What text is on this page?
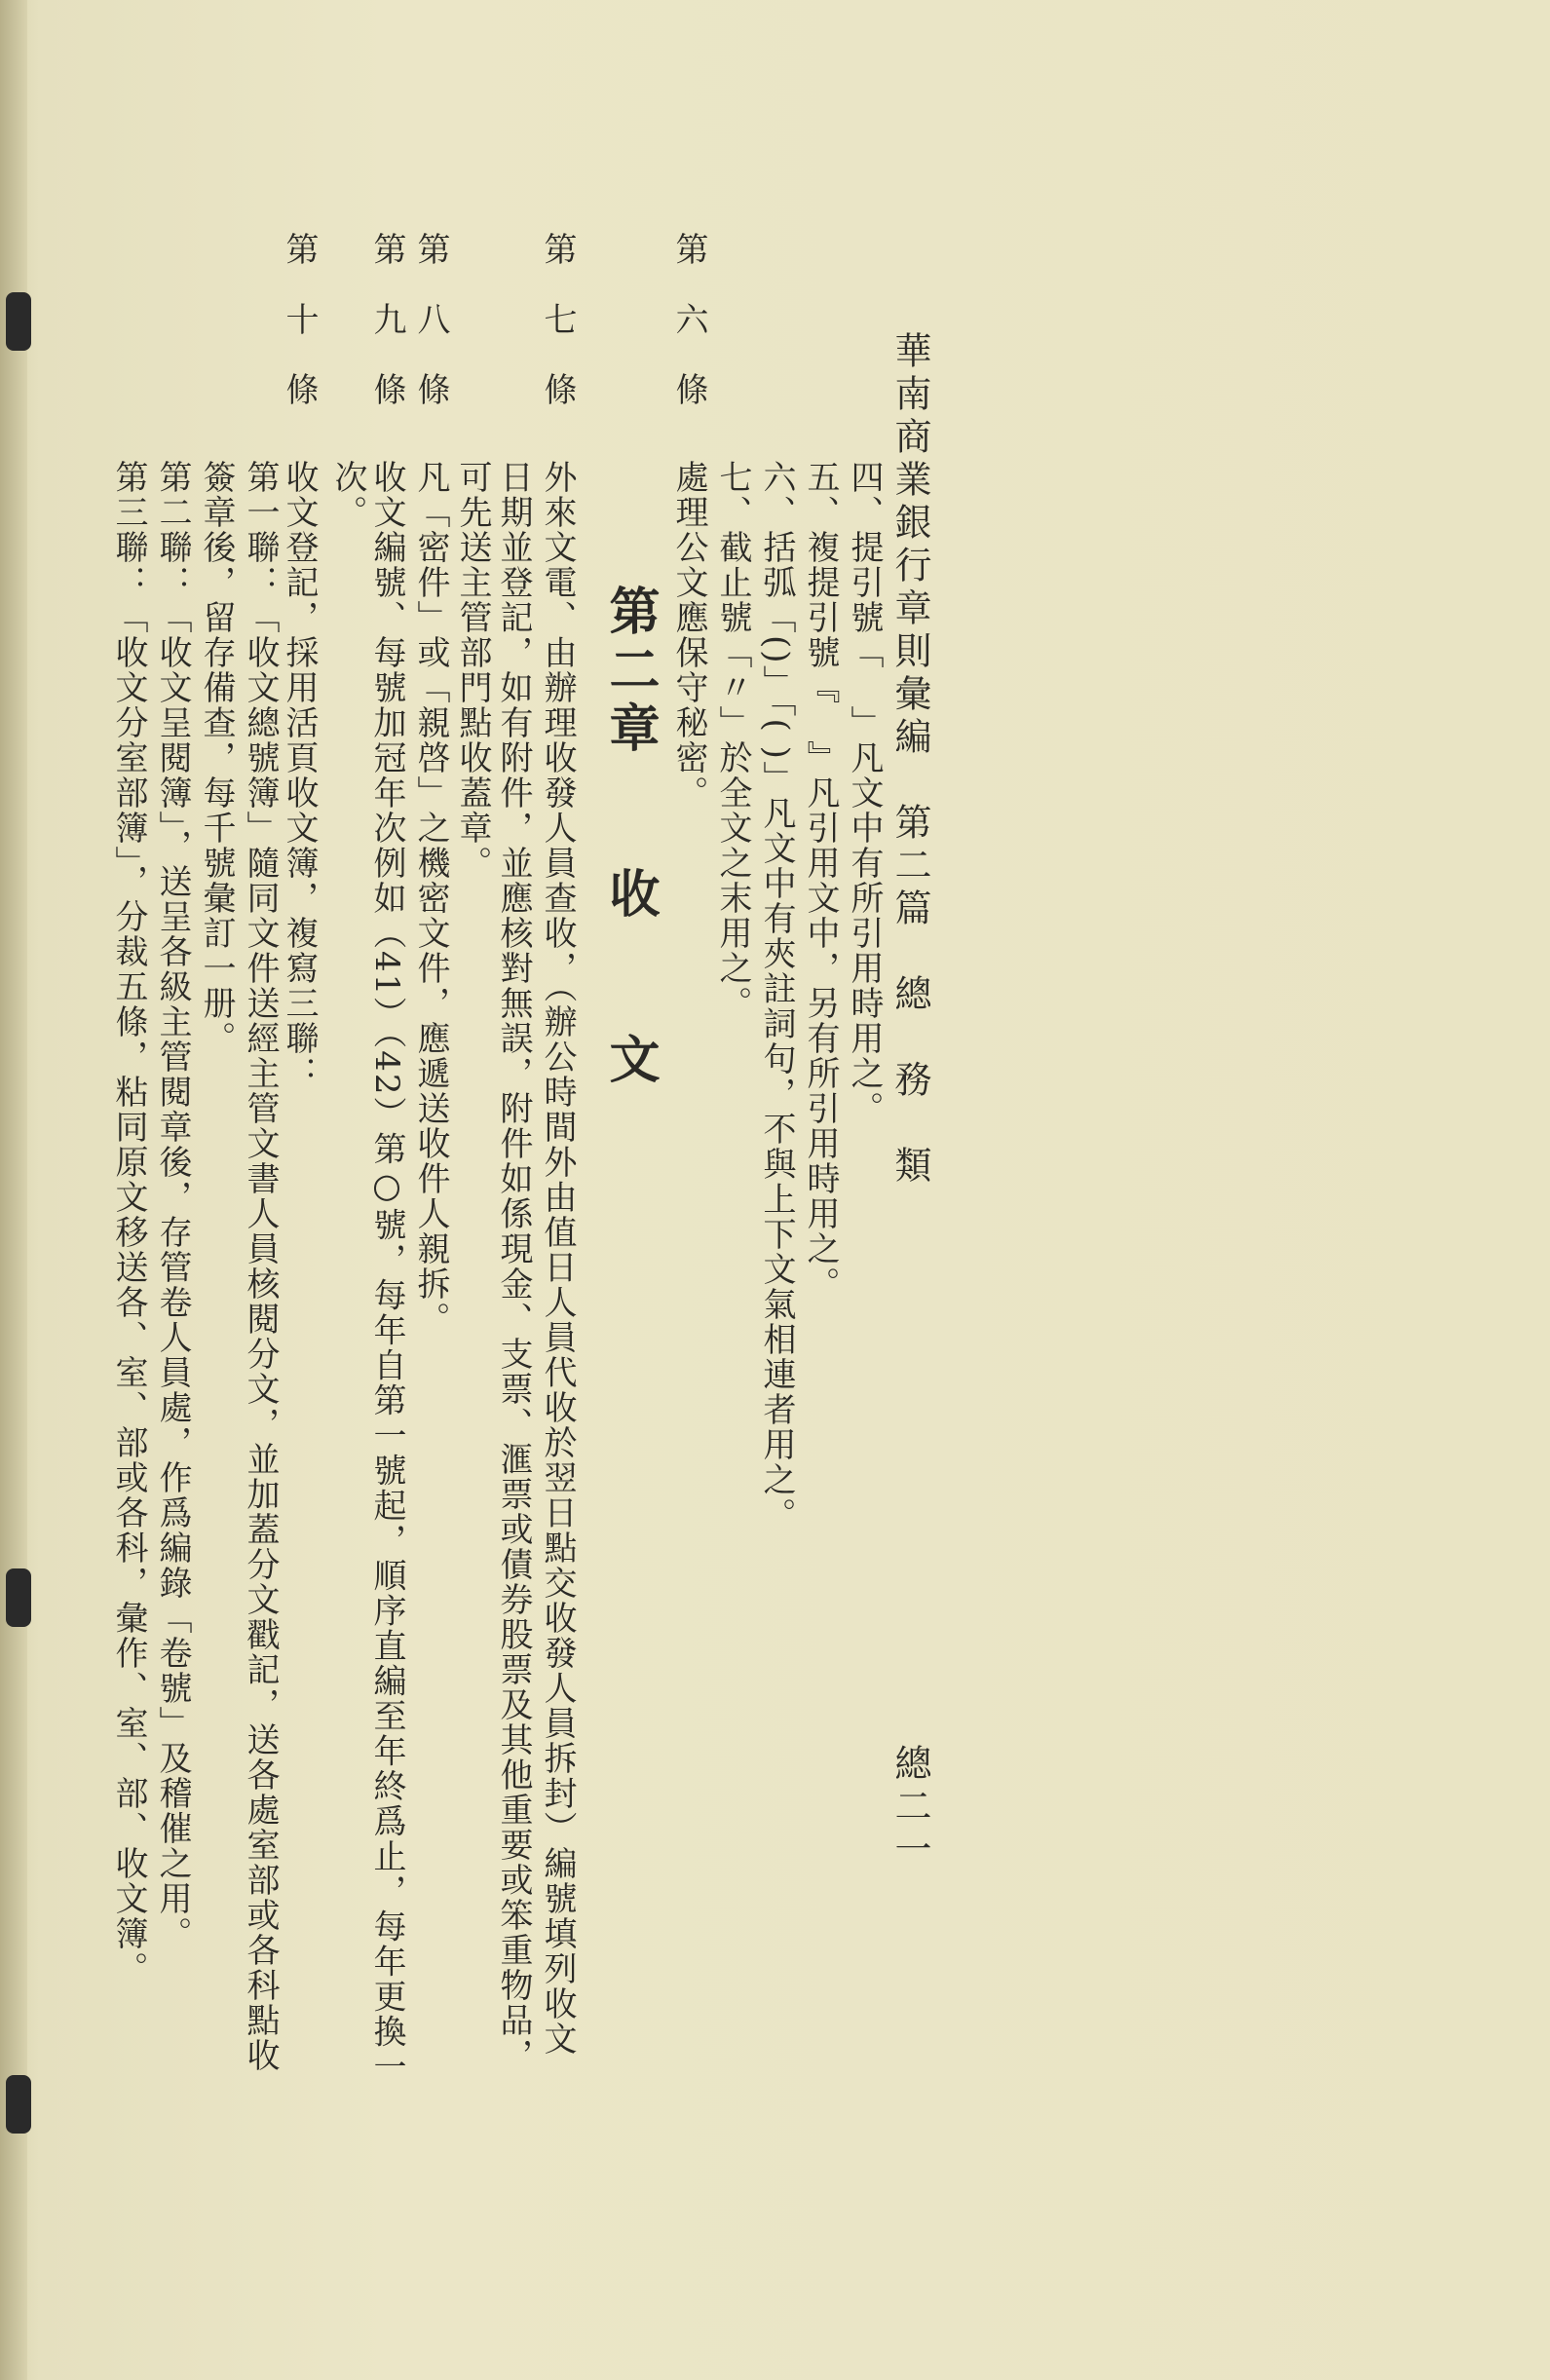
華南商業銀行章則彙編　第二篇　總　務　類
總二一
第　六　條
處理公文應保守秘密。 七、截止號「〃」於全文之末用之。 六、括弧「()」「( )」凡文中有夾註詞句，不與上下文氣相連者用之。 五、複提引號『　』凡引用文中，另有所引用時用之。 四、提引號「　」凡文中有所引用時用之。
第二章收文
第　七　條
外來文電、由辦理收發人員查收，（辦公時間外由值日人員代收於翌日點交收發人員拆封）編號填列收文
日期並登記，如有附件，並應核對無誤，附件如係現金、支票、滙票或債券股票及其他重要或笨重物品，
可先送主管部門點收蓋章。
第　八　條
凡「密件」或「親啓」之機密文件，應遞送收件人親拆。
第　九　條
收文編號、每號加冠年次例如（41）（42）第○號，每年自第一號起，順序直編至年終爲止，每年更換一
次。
第　十　條
收文登記，採用活頁收文簿，複寫三聯：
第一聯：「收文總號簿」隨同文件送經主管文書人員核閱分文，並加蓋分文戳記，送各處室部或各科點收
簽章後，留存備查，每千號彙訂一册。
第二聯：「收文呈閱簿」，送呈各級主管閱章後，存管卷人員處，作爲編錄「卷號」及稽催之用。
第三聯：「收文分室部簿」，分裁五條，粘同原文移送各、室、部或各科，彙作、室、部、收文簿。
